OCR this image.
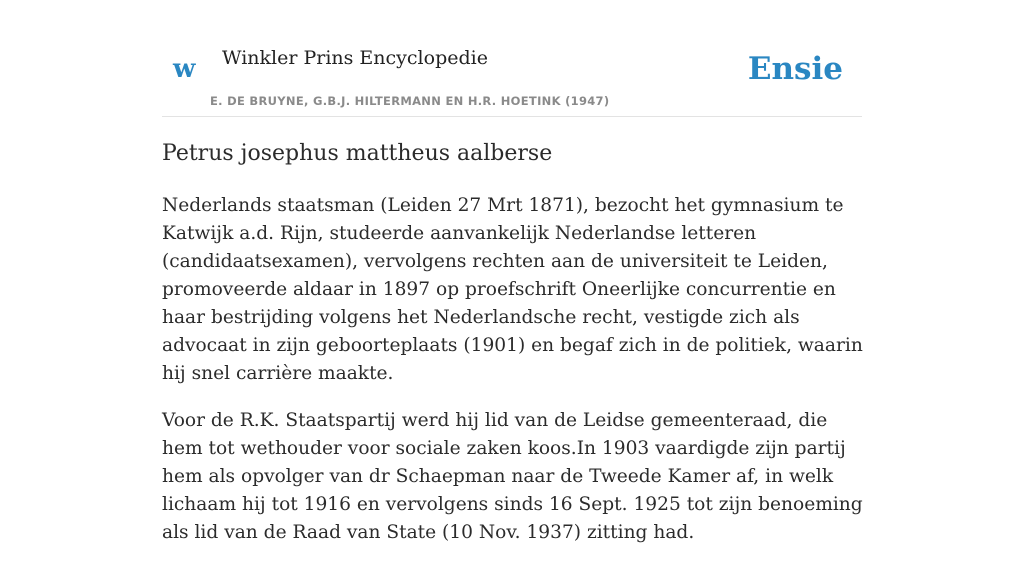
w Winkler Prins Encyclopedie
E. DE BRUYNE, G.B.J. HILTERMANN EN H.R. HOETINK (1947)
Ensie
Petrus josephus mattheus aalberse

Nederlands staatsman (Leiden 27 Mrt 1871), bezocht het gymnasium te Katwijk a.d. Rijn, studeerde aanvankelijk Nederlandse letteren (candidaatsexamen), vervolgens rechten aan de universiteit te Leiden, promoveerde aldaar in 1897 op proefschrift Oneerlijke concurrentie en haar bestrijding volgens het Nederlandsche recht, vestigde zich als advocaat in zijn geboorteplaats (1901) en begaf zich in de politiek, waarin hij snel carrière maakte.

Voor de R.K. Staatspartij werd hij lid van de Leidse gemeenteraad, die hem tot wethouder voor sociale zaken koos.In 1903 vaardigde zijn partij hem als opvolger van dr Schaepman naar de Tweede Kamer af, in welk lichaam hij tot 1916 en vervolgens sinds 16 Sept. 1925 tot zijn benoeming als lid van de Raad van State (10 Nov. 1937) zitting had.
